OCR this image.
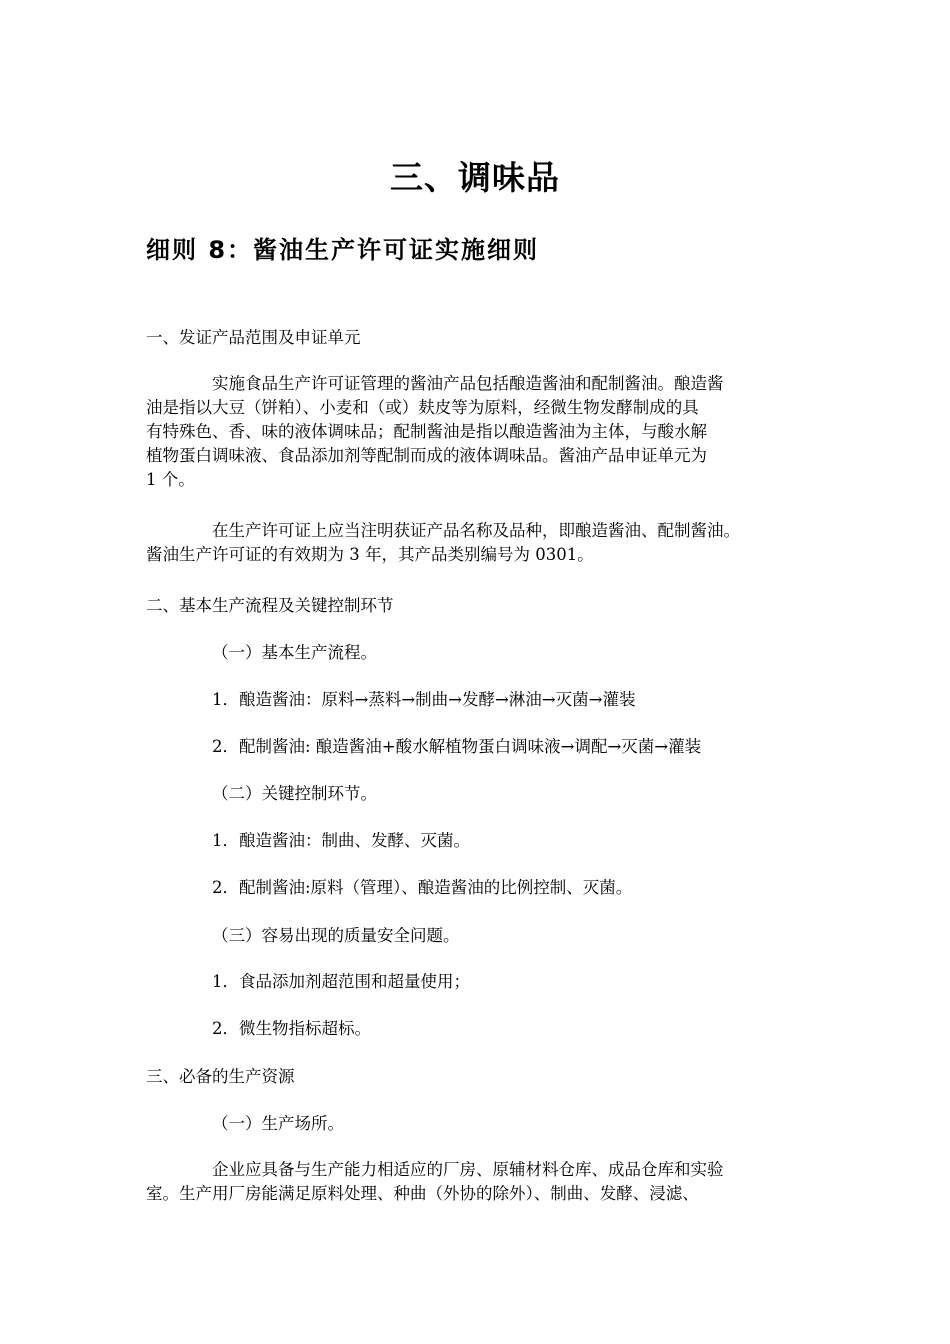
三、调味品
细则 8：酱油生产许可证实施细则
一、发证产品范围及申证单元
实施食品生产许可证管理的酱油产品包括酿造酱油和配制酱油。酿造酱
油是指以大豆（饼粕）、小麦和（或）麸皮等为原料，经微生物发酵制成的具
有特殊色、香、味的液体调味品；配制酱油是指以酿造酱油为主体，与酸水解
植物蛋白调味液、食品添加剂等配制而成的液体调味品。酱油产品申证单元为
1 个。
在生产许可证上应当注明获证产品名称及品种，即酿造酱油、配制酱油。
酱油生产许可证的有效期为 3 年，其产品类别编号为 0301。
二、基本生产流程及关键控制环节
（一）基本生产流程。
1．酿造酱油：原料→蒸料→制曲→发酵→淋油→灭菌→灌装
2．配制酱油: 酿造酱油+酸水解植物蛋白调味液→调配→灭菌→灌装
（二）关键控制环节。
1．酿造酱油：制曲、发酵、灭菌。
2．配制酱油:原料（管理）、酿造酱油的比例控制、灭菌。
（三）容易出现的质量安全问题。
1．食品添加剂超范围和超量使用；
2．微生物指标超标。
三、必备的生产资源
（一）生产场所。
企业应具备与生产能力相适应的厂房、原辅材料仓库、成品仓库和实验
室。生产用厂房能满足原料处理、种曲（外协的除外）、制曲、发酵、浸滤、
